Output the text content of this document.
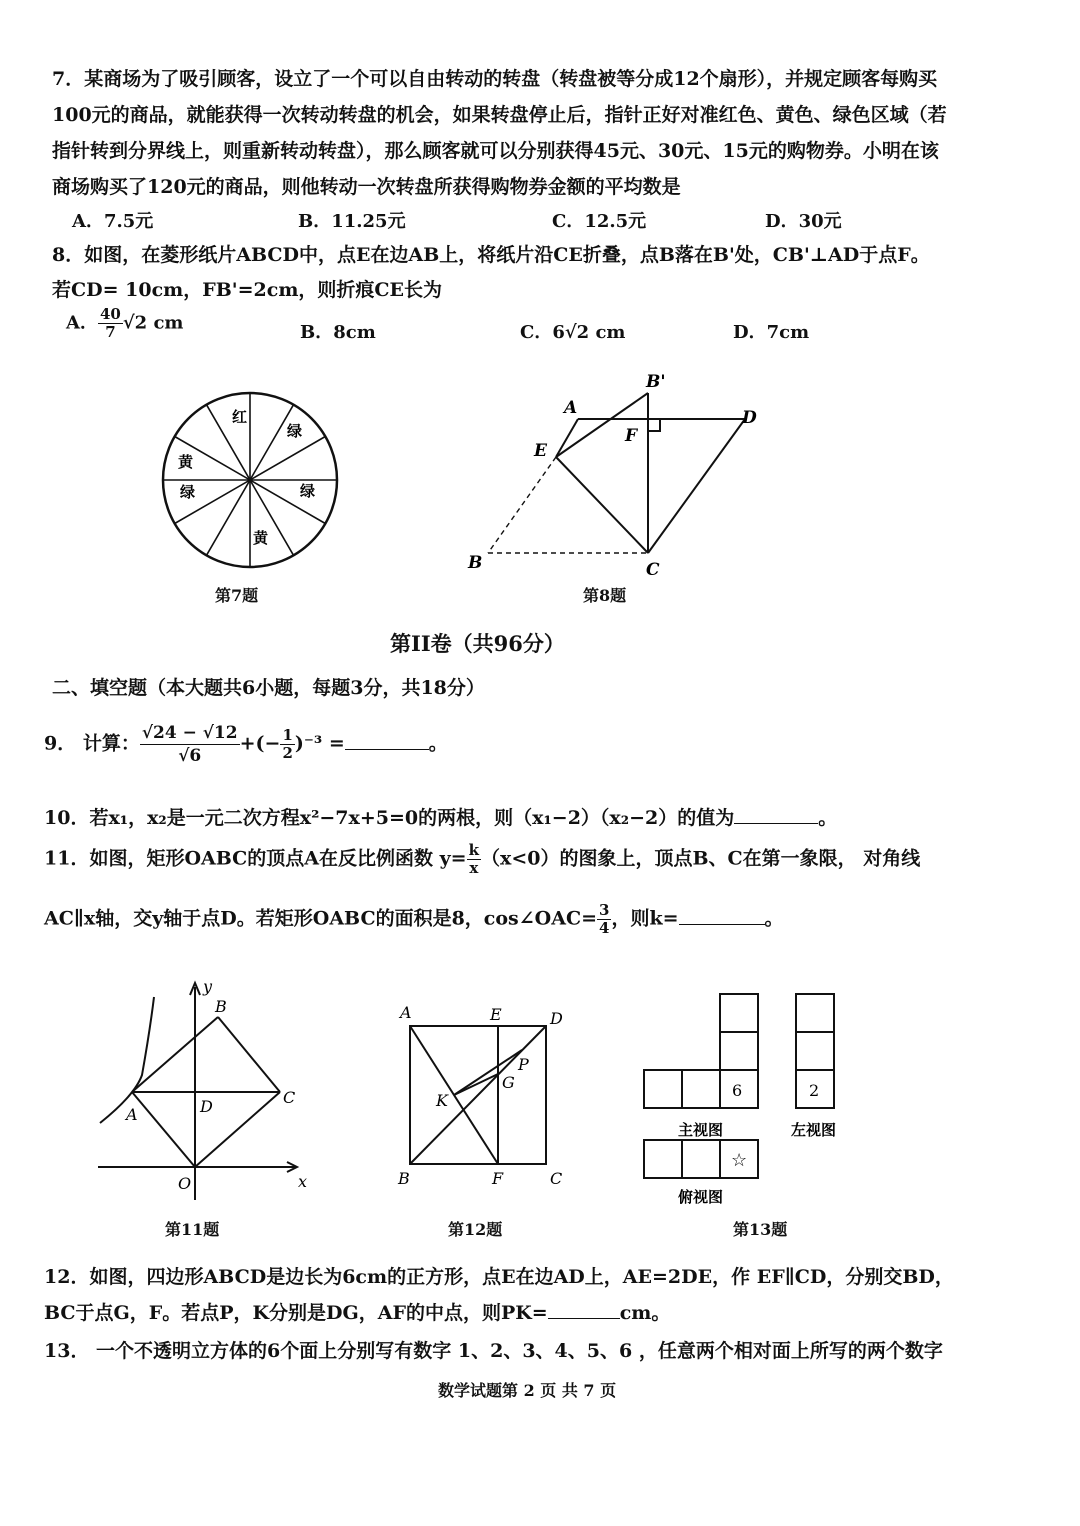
7．某商场为了吸引顾客，设立了一个可以自由转动的转盘（转盘被等分成12个扇形），并规定顾客每购买
100元的商品，就能获得一次转动转盘的机会，如果转盘停止后，指针正好对准红色、黄色、绿色区域（若
指针转到分界线上，则重新转动转盘），那么顾客就可以分别获得45元、30元、15元的购物券。小明在该
商场购买了120元的商品，则他转动一次转盘所获得购物券金额的平均数是
A．7.5元	B．11.25元	C．12.5元	D．30元
8．如图，在菱形纸片ABCD中，点E在边AB上，将纸片沿CE折叠，点B落在B'处，CB'⊥AD于点F。
若CD= 10cm，FB'=2cm，则折痕CE长为
A． $\frac{40}{7} √2$ cm	B．8cm	C．6√2 cm	D．7cm
红
绿
黄
绿	绿
黄
第7题
B'
A	D
F
E
B	C
第8题
第II卷（共96分）
二、填空题（本大题共6小题，每题3分，共18分）
9． 计算： $\frac{√24 - √12}{√6}$ +(− $\frac{1}{2} )^{-3}$ =	。
10．若x₁，x₂是一元二次方程x²−7x+5=0的两根，则（x₁−2）（x₂−2）的值为	。
11．如图，矩形OABC的顶点A在反比例函数 $y= \frac{k}{x} (x<0)$的图象上，顶点B、C在第一象限， 对角线
AC∥x轴，交y轴于点D。若矩形OABC的面积是8，cos∠OAC= $\frac{3}{4}$ ，则k=	。
y
B
A	D	C
O	x
第11题
A	E	D
P
G
K
B	F	C
第12题
6	2
☆
主视图	左视图
俯视图
第13题
12．如图，四边形ABCD是边长为6cm的正方形，点E在边AD上，AE=2DE，作 EF∥CD，分别交BD，
BC于点G，F。若点P，K分别是DG，AF的中点，则PK=	cm。
13． 一个不透明立方体的6个面上分别写有数字 1、2、3、4、5、6 ，任意两个相对面上所写的两个数字
数学试题第 2 页 共 7 页
